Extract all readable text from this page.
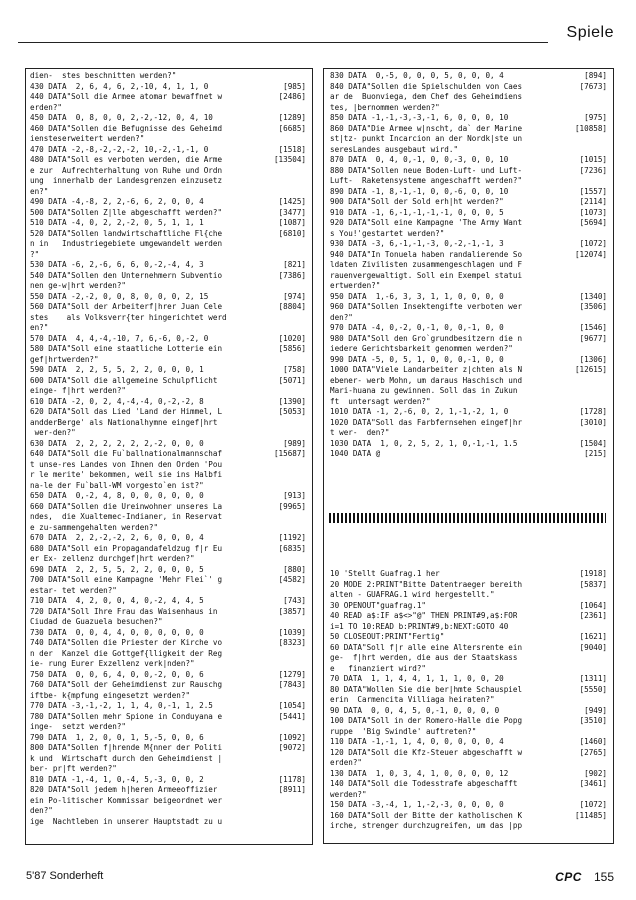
Spiele
dien-  stes beschnitten werden?"
430 DATA  2, 6, 4, 6, 2,-10, 4, 1, 1, 0	[985]
440 DATA"Soll die Armee atomar bewaffnet w	[2486]
erden?"
450 DATA  0, 8, 0, 0, 2,-2,-12, 0, 4, 10	[1289]
460 DATA"Sollen die Befugnisse des Geheimd	[6685]
iensteserweitert werden?"
470 DATA -2,-8,-2,-2,-2, 10,-2,-1,-1, 0	[1518]
480 DATA"Soll es verboten werden, die Arme	[13504]
e zur  Aufrechterhaltung von Ruhe und Ordn
ung  innerhalb der Landesgrenzen einzusetz
en?"
490 DATA -4,-8, 2, 2,-6, 6, 2, 0, 0, 4	[1425]
500 DATA"Sollen Z|lle abgeschafft werden?"	[3477]
510 DATA -4, 0, 2, 2,-2, 0, 5, 1, 1, 1	[1087]
520 DATA"Sollen landwirtschaftliche Fl{che	[6810]
n in   Industriegebiete umgewandelt werden
?"
530 DATA -6, 2,-6, 6, 6, 0,-2,-4, 4, 3	[821]
540 DATA"Sollen den Unternehmern Subventio	[7386]
nen ge-w|hrt werden?"
550 DATA -2,-2, 0, 0, 8, 0, 0, 0, 2, 15	[974]
560 DATA"Soll der Arbeiterf|hrer Juan Cele	[8804]
stes    als Volksverr{ter hingerichtet werd
en?"
570 DATA  4, 4,-4,-10, 7, 6,-6, 0,-2, 0	[1020]
580 DATA"Soll eine staatliche Lotterie ein	[5856]
gef|hrtwerden?"
590 DATA  2, 2, 5, 5, 2, 2, 0, 0, 0, 1	[758]
600 DATA"Soll die allgemeine Schulpflicht	[5071]
einge- f|hrt werden?"
610 DATA -2, 0, 2, 4,-4,-4, 0,-2,-2, 8	[1390]
620 DATA"Soll das Lied 'Land der Himmel, L	[5053]
andderBerge' als Nationalhymne eingef|hrt
wer-den?"
630 DATA  2, 2, 2, 2, 2, 2,-2, 0, 0, 0	[989]
640 DATA"Soll die Fu`ballnationalmannschaf	[15687]
t unse-res Landes von Ihnen den Orden 'Pou
r le merite' bekommen, weil sie ins Halbfi
na-le der Fu`ball-WM vorgesto`en ist?"
650 DATA  0,-2, 4, 8, 0, 0, 0, 0, 0, 0	[913]
660 DATA"Sollen die Ureinwohner unseres La	[9965]
ndes,  die Xualtemec-Indianer, in Reservat
e zu-sammengehalten werden?"
670 DATA  2, 2,-2,-2, 2, 6, 0, 0, 0, 4	[1192]
680 DATA"Soll ein Propagandafeldzug f|r Eu	[6835]
er Ex- zellenz durchgef|hrt werden?"
690 DATA  2, 2, 5, 5, 2, 2, 0, 0, 0, 5	[880]
700 DATA"Soll eine Kampagne 'Mehr Flei`' g	[4582]
estar- tet werden?"
710 DATA  4, 2, 0, 0, 4, 0,-2, 4, 4, 5	[743]
720 DATA"Soll Ihre Frau das Waisenhaus in	[3857]
Ciudad de Guazuela besuchen?"
730 DATA  0, 0, 4, 4, 0, 0, 0, 0, 0, 0	[1039]
740 DATA"Sollen die Priester der Kirche vo	[8323]
n der  Kanzel die Gottgef{lligkeit der Reg
ie- rung Eurer Exzellenz verk|nden?"
750 DATA  0, 0, 6, 4, 0, 0,-2, 0, 0, 6	[1279]
760 DATA"Soll der Geheimdienst zur Rauschg	[7843]
iftbe- k{mpfung eingesetzt werden?"
770 DATA -3,-1,-2, 1, 1, 4, 0,-1, 1, 2.5	[1054]
780 DATA"Sollen mehr Spione in Conduyana e	[5441]
inge-  setzt werden?"
790 DATA  1, 2, 0, 0, 1, 5,-5, 0, 0, 6	[1092]
800 DATA"Sollen f|hrende M{nner der Politi	[9072]
k und  Wirtschaft durch den Geheimdienst |
ber- pr|ft werden?"
810 DATA -1,-4, 1, 0,-4, 5,-3, 0, 0, 2	[1178]
820 DATA"Soll jedem h|heren Armeeoffizier	[8911]
ein Po-litischer Kommissar beigeordnet wer
den?"
ige  Nachtleben in unserer Hauptstadt zu u
830 DATA  0,-5, 0, 0, 0, 5, 0, 0, 0, 4	[894]
840 DATA"Sollen die Spielschulden von Caes	[7673]
ar de  Buonviega, dem Chef des Geheimdiens
tes, |bernommen werden?"
850 DATA -1,-1,-3,-3,-1, 6, 0, 0, 0, 10	[975]
860 DATA"Die Armee w|nscht, da` der Marine	[10858]
st|tz- punkt Incarcion an der Nordk|ste un
seresLandes ausgebaut wird."
870 DATA  0, 4, 0,-1, 0, 0,-3, 0, 0, 10	[1015]
880 DATA"Sollen neue Boden-Luft- und Luft-	[7236]
Luft-  Raketensysteme angeschafft werden?"
890 DATA -1, 8,-1,-1, 0, 0,-6, 0, 0, 10	[1557]
900 DATA"Soll der Sold erh|ht werden?"	[2114]
910 DATA -1, 6,-1,-1,-1,-1, 0, 0, 0, 5	[1073]
920 DATA"Soll eine Kampagne 'The Army Want	[5694]
s You!'gestartet werden?"
930 DATA -3, 6,-1,-1,-3, 0,-2,-1,-1, 3	[1072]
940 DATA"In Tonuela haben randalierende So	[12074]
ldaten Zivilisten zusammengeschlagen und F
rauenvergewaltigt. Soll ein Exempel statui
ertwerden?"
950 DATA  1,-6, 3, 3, 1, 1, 0, 0, 0, 0	[1340]
960 DATA"Sollen Insektengifte verboten wer	[3506]
den?"
970 DATA -4, 0,-2, 0,-1, 0, 0,-1, 0, 0	[1546]
980 DATA"Soll den Gro`grundbesitzern die n	[9677]
iedere Gerichtsbarkeit genommen werden?"
990 DATA -5, 0, 5, 1, 0, 0, 0,-1, 0, 0	[1306]
1000 DATA"Viele Landarbeiter z|chten als N	[12615]
ebener- werb Mohn, um daraus Haschisch und
Mari-huana zu gewinnen. Soll das in Zukun
ft  untersagt werden?"
1010 DATA -1, 2,-6, 0, 2, 1,-1,-2, 1, 0	[1728]
1020 DATA"Soll das Farbfernsehen eingef|hr	[3010]
t wer-  den?"
1030 DATA  1, 0, 2, 5, 2, 1, 0,-1,-1, 1.5	[1504]
1040 DATA @	[215]
10 'Stellt Guafrag.1 her	[1918]
20 MODE 2:PRINT"Bitte Datentraeger bereith	[5837]
alten - GUAFRAG.1 wird hergestellt."
30 OPENOUT"guafrag.1"	[1064]
40 READ a$:IF a$<>"@" THEN PRINT#9,a$:FOR	[2361]
i=1 TO 10:READ b:PRINT#9,b:NEXT:GOTO 40
50 CLOSEOUT:PRINT"Fertig"	[1621]
60 DATA"Soll f|r alle eine Altersrente ein	[9040]
ge-  f|hrt werden, die aus der Staatskass
e   finanziert wird?"
70 DATA  1, 1, 4, 4, 1, 1, 1, 0, 0, 20	[1311]
80 DATA"Wollen Sie die ber|hmte Schauspiel	[5550]
erin  Carmencita Villiaga heiraten?"
90 DATA  0, 0, 4, 5, 0,-1, 0, 0, 0, 0	[949]
100 DATA"Soll in der Romero-Halle die Popg	[3510]
ruppe  'Big Swindle' auftreten?"
110 DATA -1,-1, 1, 4, 0, 0, 0, 0, 0, 4	[1460]
120 DATA"Soll die Kfz-Steuer abgeschafft w	[2765]
erden?"
130 DATA  1, 0, 3, 4, 1, 0, 0, 0, 0, 12	[902]
140 DATA"Soll die Todesstrafe abgeschafft	[3461]
werden?"
150 DATA -3,-4, 1, 1,-2,-3, 0, 0, 0, 0	[1072]
160 DATA"Soll der Bitte der katholischen K	[11485]
irche, strenger durchzugreifen, um das |pp
5'87 Sonderheft	CPC 155
